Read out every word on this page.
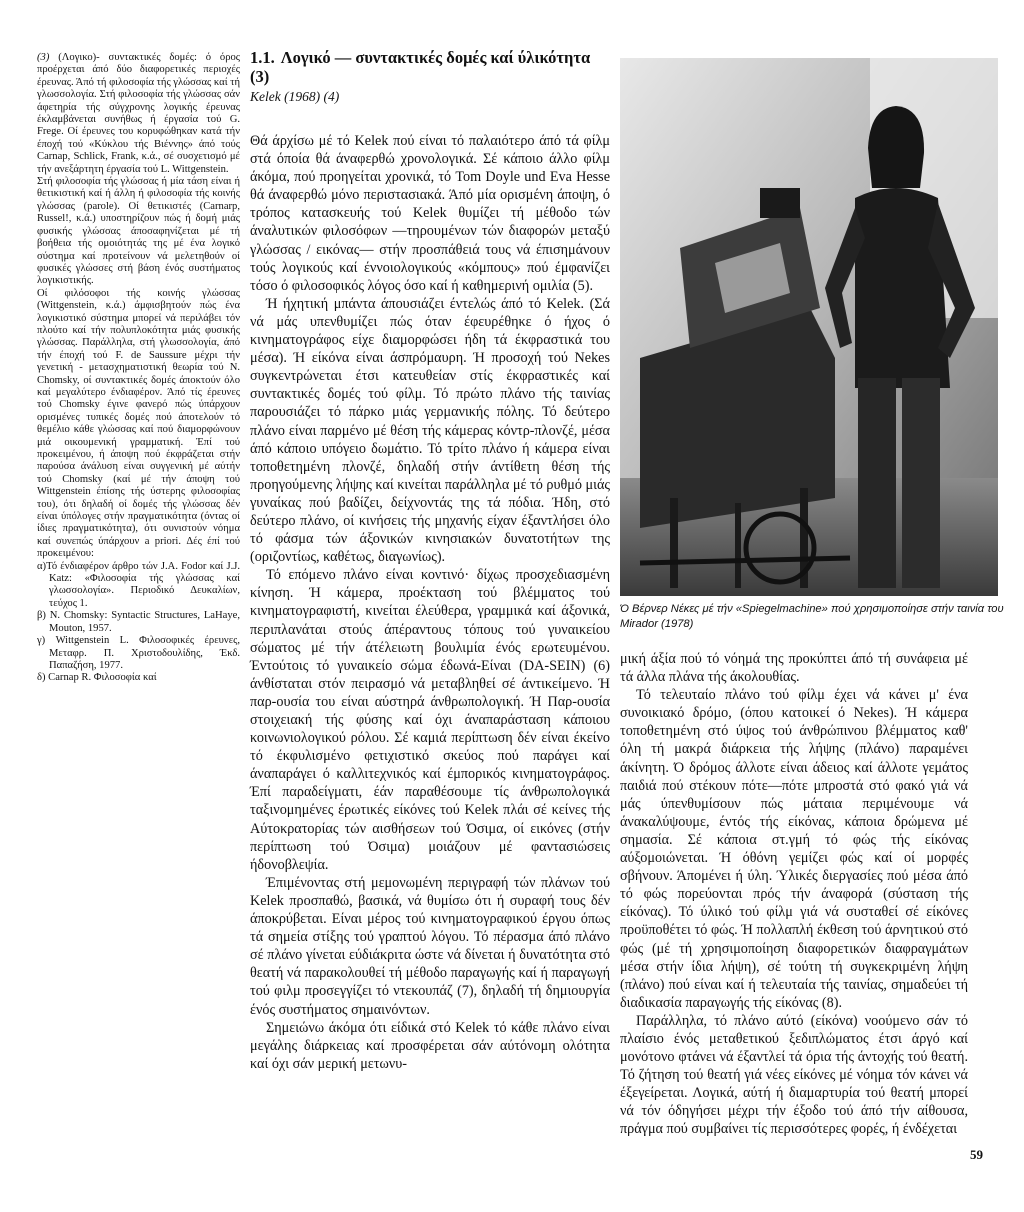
(3) (Λογικο)- συντακτικές δομές: ό όρος προέρχεται άπό δύο διαφορετικές περιοχές έρευνας. Άπό τή φιλοσοφία τής γλώσσας καί τή γλωσσολογία. Στή φιλοσοφία τής γλώσσας σάν άφετηρία τής σύγχρονης λογικής έρευνας έκλαμβάνεται συνήθως ή έργασία τού G. Frege. Οί έρευνες του κορυφώθηκαν κατά τήν έποχή τού «Κύκλου τής Βιέννης» άπό τούς Carnap, Schlick, Frank, κ.ά., σέ συσχετισμό μέ τήν ανεξάρτητη έργασία τού L. Wittgenstein.

Στή φιλοσοφία τής γλώσσας ή μία τάση είναι ή θετικιστική καί ή άλλη ή φιλοσοφία τής κοινής γλώσσας (parole). Οί θετικιστές (Carnarp, Russel!, κ.ά.) υποστηρίζουν πώς ή δομή μιάς φυσικής γλώσσας άποσαφηνίζεται μέ τή βοήθεια τής ομοιότητάς της μέ ένα λογικό σύστημα καί προτείνουν νά μελετηθούν οί φυσικές γλώσσες στή βάση ένός συστήματος λογικιστικής.

Οί φιλόσοφοι τής κοινής γλώσσας (Wittgenstein, κ.ά.) άμφισβητούν πώς ένα λογικιστικό σύστημα μπορεί νά περιλάβει τόν πλούτο καί τήν πολυπλοκότητα μιάς φυσικής γλώσσας. Παράλληλα, στή γλωσσολογία, άπό τήν έποχή τού F. de Saussure μέχρι τήν γενετική - μετασχηματιστική θεωρία τού N. Chomsky, οί συντακτικές δομές άποκτούν όλο καί μεγαλύτερο ένδιαφέρον. Άπό τίς έρευνες τού Chomsky έγινε φανερό πώς ύπάρχουν ορισμένες τυπικές δομές πού άποτελούν τό θεμέλιο κάθε γλώσσας καί πού διαμορφώνουν μιά οικουμενική γραμματική. Έπί τού προκειμένου, ή άποψη πού έκφράζεται στήν παρούσα άνάλυση είναι συγγενική μέ αύτήν τού Chomsky (καί μέ τήν άποψη τού Wittgenstein έπίσης τής ύστερης φιλοσοφίας του), ότι δηλαδή οί δομές τής γλώσσας δέν είναι ύπόλογες στήν πραγματικότητα (όντας οί ίδιες πραγματικότητα), ότι συνιστούν νόημα καί συνεπώς ύπάρχουν a priori. Δές έπί τού προκειμένου:

α)Τό ένδιαφέρον άρθρο τών J.A. Fodor καί J.J. Katz: «Φιλοσοφία τής γλώσσας καί γλωσσολογία». Περιοδικό Δευκαλίων, τεύχος 1.
β) N. Chomsky: Syntactic Structures, LaHaye, Mouton, 1957.
γ) Wittgenstein L. Φιλοσοφικές έρευνες, Μεταφρ. Π. Χριστοδουλίδης, Έκδ. Παπαζήση, 1977.
δ) Carnap R. Φιλοσοφία καί
1.1. Λογικό — συντακτικές δομές καί ύλικότητα
(3)
Kelek (1968) (4)

Θά άρχίσω μέ τό Kelek πού είναι τό παλαιότερο άπό τά φίλμ στά όποία θά άναφερθώ χρονολογικά. Σέ κάποιο άλλο φίλμ άκόμα, πού προηγείται χρονικά, τό Tom Doyle und Eva Hesse θά άναφερθώ μόνο περιστασιακά. Άπό μία ορισμένη άποψη, ό τρόπος κατασκευής τού Kelek θυμίζει τή μέθοδο τών άναλυτικών φιλοσόφων —τηρουμένων τών διαφορών μεταξύ γλώσσας / εικόνας— στήν προσπάθειά τους νά έπισημάνουν τούς λογικούς καί έννοιολογικούς «κόμπους» πού έμφανίζει τόσο ό φιλοσοφικός λόγος όσο καί ή καθημερινή ομιλία (5).

Ή ήχητική μπάντα άπουσιάζει έντελώς άπό τό Kelek. (Σά νά μάς υπενθυμίζει πώς όταν έφευρέθηκε ό ήχος ό κινηματογράφος είχε διαμορφώσει ήδη τά έκφραστικά του μέσα). Ή είκόνα είναι άσπρόμαυρη. Ή προσοχή τού Nekes συγκεντρώνεται έτσι κατευθείαν στίς έκφραστικές καί συντακτικές δομές τού φίλμ. Τό πρώτο πλάνο τής ταινίας παρουσιάζει τό πάρκο μιάς γερμανικής πόλης. Τό δεύτερο πλάνο είναι παρμένο μέ θέση τής κάμερας κόντρ-πλονζέ, μέσα άπό κάποιο υπόγειο δωμάτιο. Τό τρίτο πλάνο ή κάμερα είναι τοποθετημένη πλονζέ, δηλαδή στήν άντίθετη θέση τής προηγούμενης λήψης καί κινείται παράλληλα μέ τό ρυθμό μιάς γυναίκας πού βαδίζει, δείχνοντάς της τά πόδια. Ήδη, στό δεύτερο πλάνο, οί κινήσεις τής μηχανής είχαν έξαντλήσει όλο τό φάσμα τών άξονικών κινησιακών δυνατοτήτων της (οριζοντίως, καθέτως, διαγωνίως).

Τό επόμενο πλάνο είναι κοντινό· δίχως προσχεδιασμένη κίνηση. Ή κάμερα, προέκταση τού βλέμματος τού κινηματογραφιστή, κινείται έλεύθερα, γραμμικά καί άξονικά, περιπλανάται στούς άπέραντους τόπους τού γυναικείου σώματος μέ τήν άτέλειωτη βουλιμία ένός ερωτευμένου. Έντούτοις τό γυναικείο σώμα έδωνά-Είναι (DA-SEIN) (6) άνθίσταται στόν πειρασμό νά μεταβληθεί σέ άντικείμενο. Ή παρ-ουσία του είναι αύστηρά άνθρωπολογική. Ή Παρ-ουσία στοιχειακή τής φύσης καί όχι άναπαράσταση κάποιου κοινωνιολογικού ρόλου. Σέ καμιά περίπτωση δέν είναι έκείνο τό έκφυλισμένο φετιχιστικό σκεύος πού παράγει καί άναπαράγει ό καλλιτεχνικός καί έμπορικός κινηματογράφος. Έπί παραδείγματι, έάν παραθέσουμε τίς άνθρωπολογικά ταξινομημένες έρωτικές είκόνες τού Kelek πλάι σέ κείνες τής Αύτοκρατορίας τών αισθήσεων τού Όσιμα, οί εικόνες (στήν περίπτωση τού Όσιμα) μοιάζουν μέ φαντασιώσεις ήδονοβλεψία.

Έπιμένοντας στή μεμονωμένη περιγραφή τών πλάνων τού Kelek προσπαθώ, βασικά, νά θυμίσω ότι ή συραφή τους δέν άποκρύβεται. Είναι μέρος τού κινηματογραφικού έργου όπως τά σημεία στίξης τού γραπτού λόγου. Τό πέρασμα άπό πλάνο σέ πλάνο γίνεται εύδιάκριτα ώστε νά δίνεται ή δυνατότητα στό θεατή νά παρακολουθεί τή μέθοδο παραγωγής καί ή παραγωγή τού φιλμ προσεγγίζει τό ντεκουπάζ (7), δηλαδή τή δημιουργία ένός συστήματος σημαινόντων.

Σημειώνω άκόμα ότι είδικά στό Kelek τό κάθε πλάνο είναι μεγάλης διάρκειας καί προσφέρεται σάν αύτόνομη ολότητα καί όχι σάν μερική μετωνυ-

Ό Βέρνερ Νέκες μέ τήν «Spiegelmachine» πού χρησιμοποίησε στήν ταινία του Mirador (1978)

μική άξία πού τό νόημά της προκύπτει άπό τή συνάφεια μέ τά άλλα πλάνα τής άκολουθίας.

Τό τελευταίο πλάνο τού φίλμ έχει νά κάνει μ' ένα συνοικιακό δρόμο, (όπου κατοικεί ό Nekes). Ή κάμερα τοποθετημένη στό ύψος τού άνθρώπινου βλέμματος καθ' όλη τή μακρά διάρκεια τής λήψης (πλάνο) παραμένει άκίνητη. Ό δρόμος άλλοτε είναι άδειος καί άλλοτε γεμάτος παιδιά πού στέκουν πότε—πότε μπροστά στό φακό γιά νά μάς ύπενθυμίσουν πώς μάταια περιμένουμε νά άνακαλύψουμε, έντός τής είκόνας, κάποια δρώμενα μέ σημασία. Σέ κάποια στ.γμή τό φώς τής είκόνας αύξομοιώνεται. Ή όθόνη γεμίζει φώς καί οί μορφές σβήνουν. Άπομένει ή ύλη. Ύλικές διεργασίες πού μέσα άπό τό φώς πορεύονται πρός τήν άναφορά (σύσταση τής είκόνας). Τό ύλικό τού φίλμ γιά νά συσταθεί σέ είκόνες προϋποθέτει τό φώς. Ή πολλαπλή έκθεση τού άρνητικού στό φώς (μέ τή χρησιμοποίηση διαφορετικών διαφραγμάτων μέσα στήν ίδια λήψη), σέ τούτη τή συγκεκριμένη λήψη (πλάνο) πού είναι καί ή τελευταία τής ταινίας, σημαδεύει τή διαδικασία παραγωγής τής είκόνας (8).

Παράλληλα, τό πλάνο αύτό (είκόνα) νοούμενο σάν τό πλαίσιο ένός μεταθετικού ξεδιπλώματος έτσι άργό καί μονότονο φτάνει νά έξαντλεί τά όρια τής άντοχής τού θεατή. Τό ζήτηση τού θεατή γιά νέες είκόνες μέ νόημα τόν κάνει νά έξεγείρεται. Λογικά, αύτή ή διαμαρτυρία τού θεατή μπορεί νά τόν όδηγήσει μέχρι τήν έξοδο τού άπό τήν αίθουσα, πράγμα πού συμβαίνει τίς περισσότερες φορές, ή ένδέχεται

59
